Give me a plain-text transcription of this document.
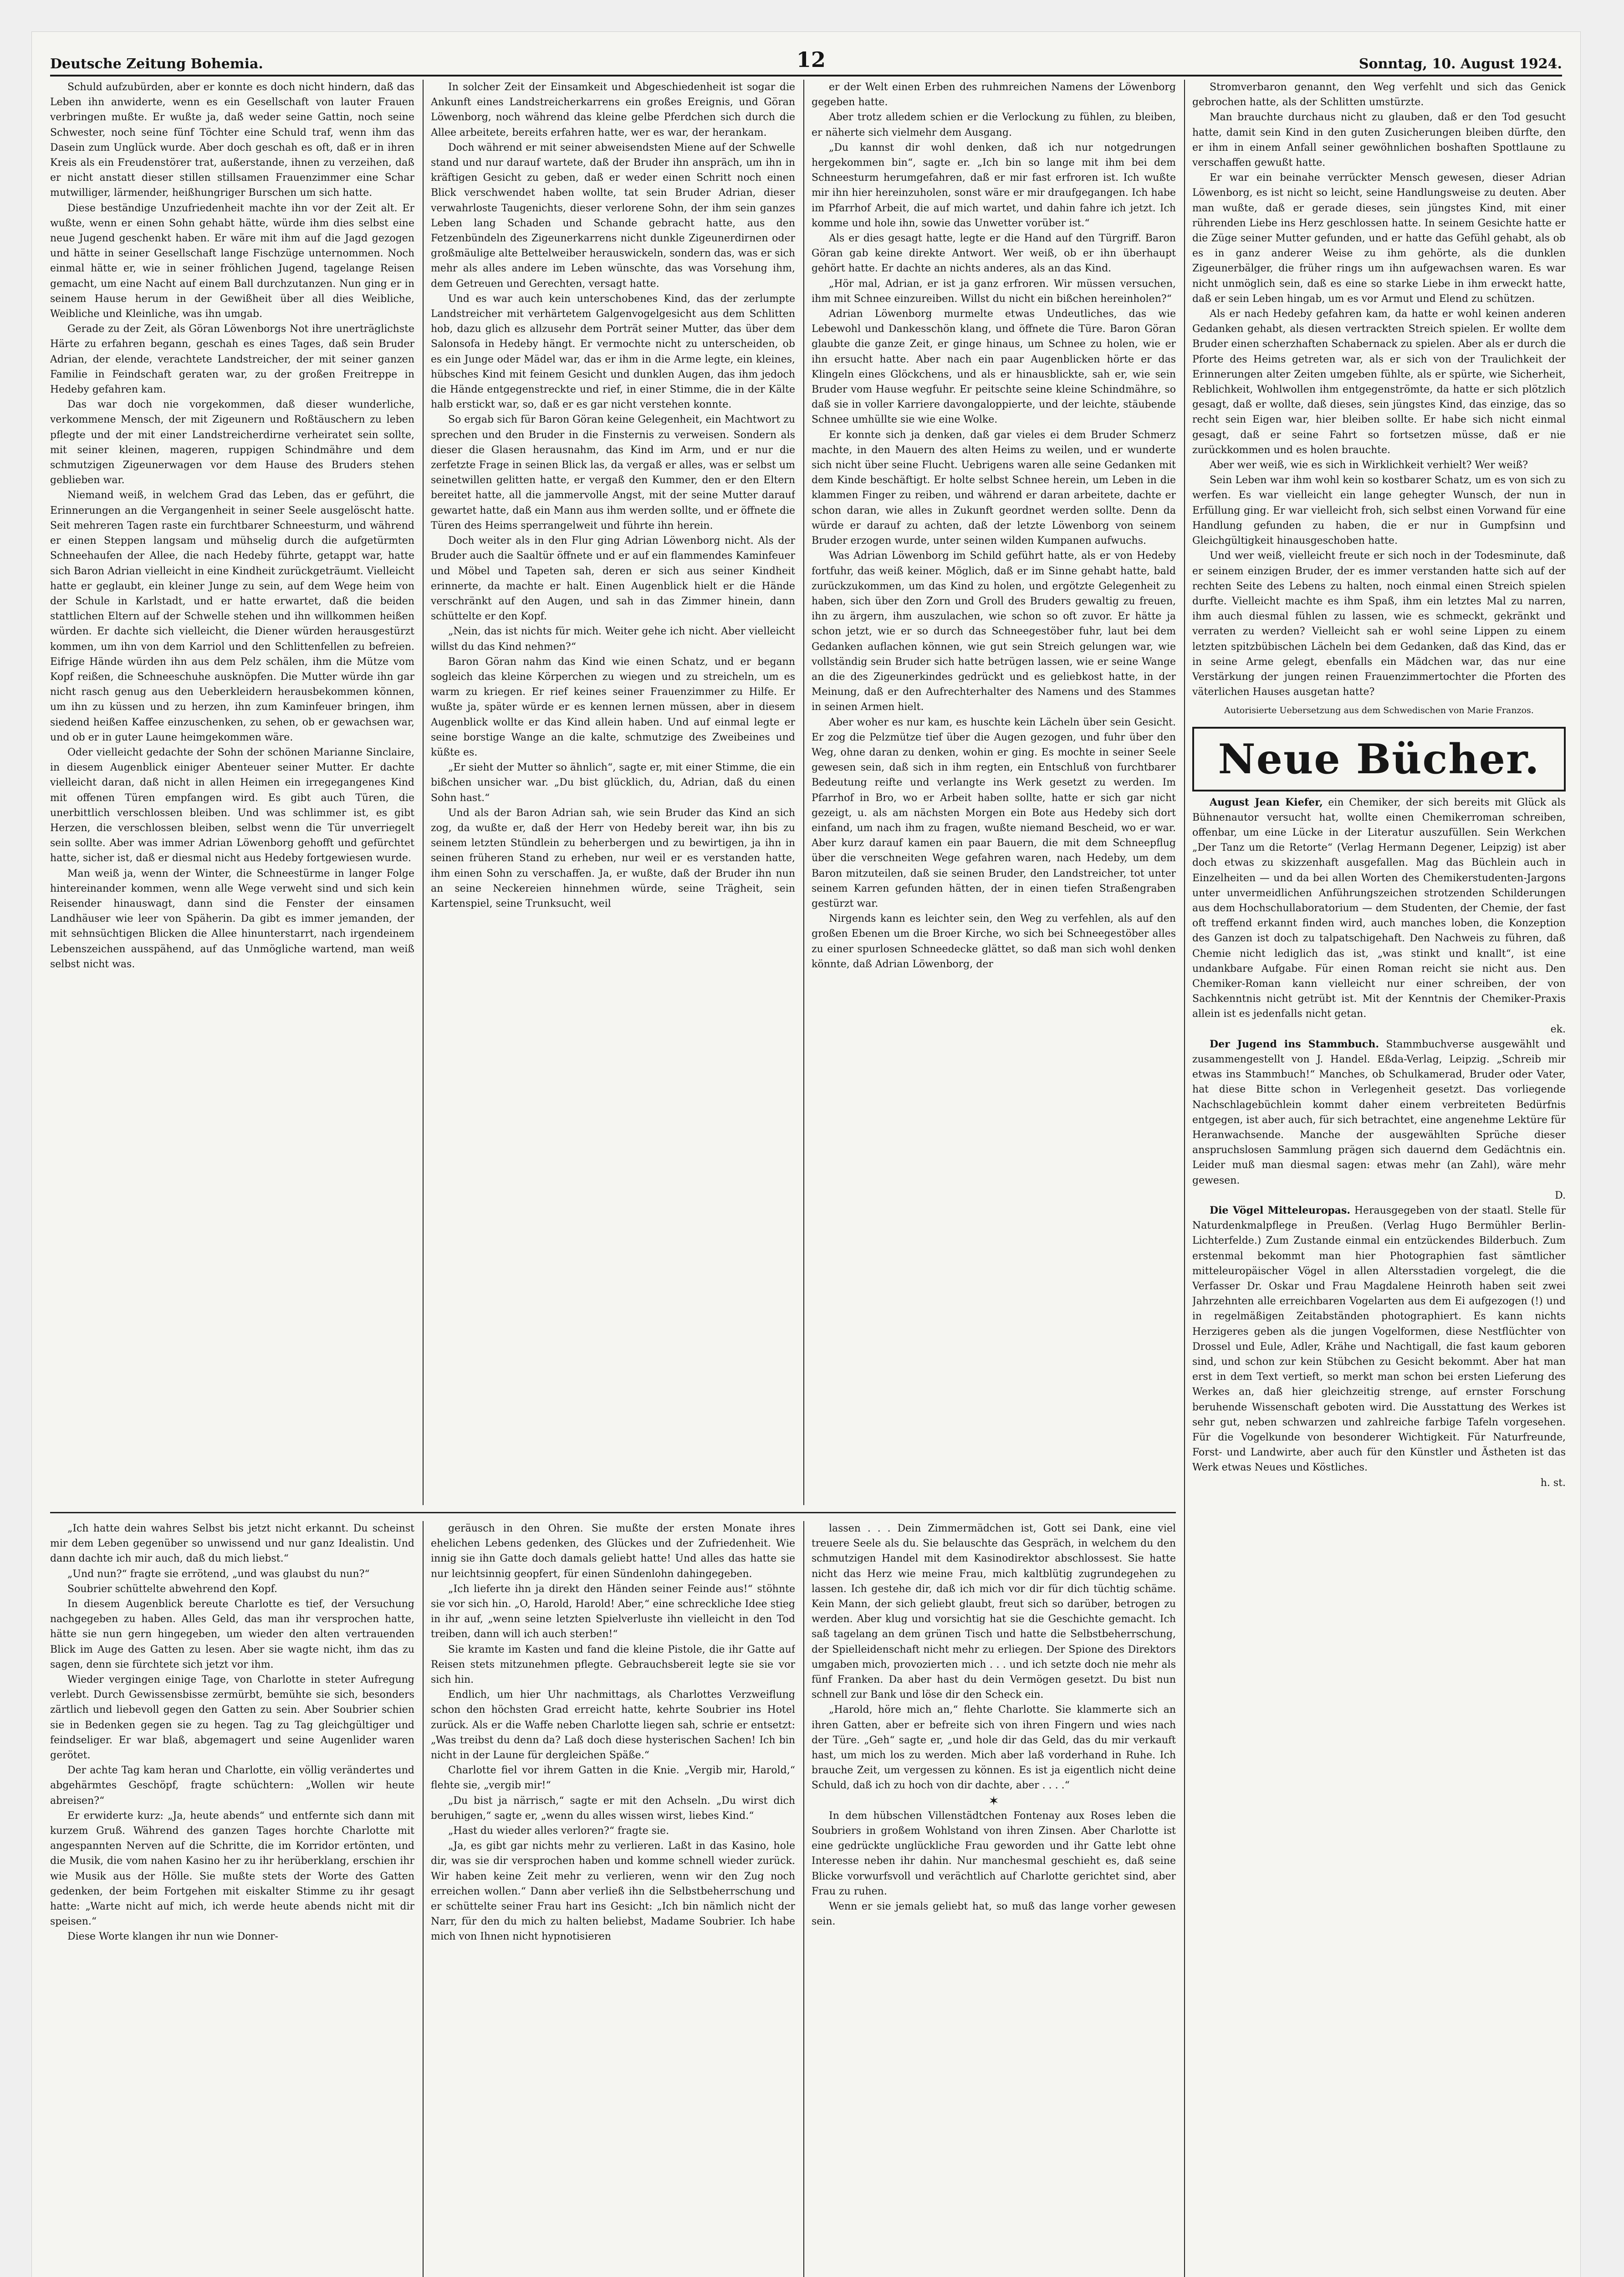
Deutsche Zeitung Bohemia.	12	Sonntag, 10. August 1924.

Schuld aufzubürden, aber er konnte es doch nicht hindern, daß das Leben ihn anwiderte, wenn es ein Gesellschaft von lauter Frauen verbringen mußte. Er wußte ja, daß weder seine Gattin, noch seine Schwester, noch seine fünf Töchter eine Schuld traf, wenn ihm das Dasein zum Unglück wurde. Aber doch geschah es oft, daß er in ihren Kreis als ein Freudenstörer trat, außerstande, ihnen zu verzeihen, daß er nicht anstatt dieser stillen stillsamen Frauenzimmer eine Schar mutwilliger, lärmender, heißhungriger Burschen um sich hatte.

Diese beständige Unzufriedenheit machte ihn vor der Zeit alt. Er wußte, wenn er einen Sohn gehabt hätte, würde ihm dies selbst eine neue Jugend geschenkt haben. Er wäre mit ihm auf die Jagd gezogen und hätte in seiner Gesellschaft lange Fischzüge unternommen. Noch einmal hätte er, wie in seiner fröhlichen Jugend, tagelange Reisen gemacht, um eine Nacht auf einem Ball durchzutanzen. Nun ging er in seinem Hause herum in der Gewißheit über all dies Weibliche, Weibliche und Kleinliche, was ihn umgab.

Gerade zu der Zeit, als Göran Löwenborgs Not ihre unerträglichste Härte zu erfahren begann, geschah es eines Tages, daß sein Bruder Adrian, der elende, verachtete Landstreicher, der mit seiner ganzen Familie in Feindschaft geraten war, zu der großen Freitreppe in Hedeby gefahren kam.

Das war doch nie vorgekommen, daß dieser wunderliche, verkommene Mensch, der mit Zigeunern und Roßtäuschern zu leben pflegte und der mit einer Landstreicherdirne verheiratet sein sollte, mit seiner kleinen, mageren, ruppigen Schindmähre und dem schmutzigen Zigeunerwagen vor dem Hause des Bruders stehen geblieben war.

Niemand weiß, in welchem Grad das Leben, das er geführt, die Erinnerungen an die Vergangenheit in seiner Seele ausgelöscht hatte. Seit mehreren Tagen raste ein furchtbarer Schneesturm, und während er einen Steppen langsam und mühselig durch die aufgetürmten Schneehaufen der Allee, die nach Hedeby führte, getappt war, hatte sich Baron Adrian vielleicht in eine Kindheit zurückgeträumt. Vielleicht hatte er geglaubt, ein kleiner Junge zu sein, auf dem Wege heim von der Schule in Karlstadt, und er hatte erwartet, daß die beiden stattlichen Eltern auf der Schwelle stehen und ihn willkommen heißen würden. Er dachte sich vielleicht, die Diener würden herausgestürzt kommen, um ihn von dem Karriol und den Schlittenfellen zu befreien. Eifrige Hände würden ihn aus dem Pelz schälen, ihm die Mütze vom Kopf reißen, die Schneeschuhe ausknöpfen. Die Mutter würde ihn gar nicht rasch genug aus den Ueberkleidern herausbekommen können, um ihn zu küssen und zu herzen, ihn zum Kaminfeuer bringen, ihm siedend heißen Kaffee einzuschenken, zu sehen, ob er gewachsen war, und ob er in guter Laune heimgekommen wäre.

Oder vielleicht gedachte der Sohn der schönen Marianne Sinclaire, in diesem Augenblick einiger Abenteuer seiner Mutter. Er dachte vielleicht daran, daß nicht in allen Heimen ein irregegangenes Kind mit offenen Türen empfangen wird. Es gibt auch Türen, die unerbittlich verschlossen bleiben. Und was schlimmer ist, es gibt Herzen, die verschlossen bleiben, selbst wenn die Tür unverriegelt sein sollte. Aber was immer Adrian Löwenborg gehofft und gefürchtet hatte, sicher ist, daß er diesmal nicht aus Hedeby fortgewiesen wurde.

Man weiß ja, wenn der Winter, die Schneestürme in langer Folge hintereinander kommen, wenn alle Wege verweht sind und sich kein Reisender hinauswagt, dann sind die Fenster der einsamen Landhäuser wie leer von Späherin. Da gibt es immer jemanden, der mit sehnsüchtigen Blicken die Allee hinunterstarrt, nach irgendeinem Lebenszeichen ausspähend, auf das Unmögliche wartend, man weiß selbst nicht was.

In solcher Zeit der Einsamkeit und Abgeschiedenheit ist sogar die Ankunft eines Landstreicherkarrens ein großes Ereignis, und Göran Löwenborg, noch während das kleine gelbe Pferdchen sich durch die Allee arbeitete, bereits erfahren hatte, wer es war, der herankam.

Doch während er mit seiner abweisendsten Miene auf der Schwelle stand und nur darauf wartete, daß der Bruder ihn anspräch, um ihn in kräftigen Gesicht zu geben, daß er weder einen Schritt noch einen Blick verschwendet haben wollte, tat sein Bruder Adrian, dieser verwahrloste Taugenichts, dieser verlorene Sohn, der ihm sein ganzes Leben lang Schaden und Schande gebracht hatte, aus den Fetzenbündeln des Zigeunerkarrens nicht dunkle Zigeunerdirnen oder großmäulige alte Bettelweiber herauswickeln, sondern das, was er sich mehr als alles andere im Leben wünschte, das was Vorsehung ihm, dem Getreuen und Gerechten, versagt hatte.

Und es war auch kein unterschobenes Kind, das der zerlumpte Landstreicher mit verhärtetem Galgenvogelgesicht aus dem Schlitten hob, dazu glich es allzusehr dem Porträt seiner Mutter, das über dem Salonsofa in Hedeby hängt. Er vermochte nicht zu unterscheiden, ob es ein Junge oder Mädel war, das er ihm in die Arme legte, ein kleines, hübsches Kind mit feinem Gesicht und dunklen Augen, das ihm jedoch die Hände entgegenstreckte und rief, in einer Stimme, die in der Kälte halb erstickt war, so, daß er es gar nicht verstehen konnte.

So ergab sich für Baron Göran keine Gelegenheit, ein Machtwort zu sprechen und den Bruder in die Finsternis zu verweisen. Sondern als dieser die Glasen herausnahm, das Kind im Arm, und er nur die zerfetzte Frage in seinen Blick las, da vergaß er alles, was er selbst um seinetwillen gelitten hatte, er vergaß den Kummer, den er den Eltern bereitet hatte, all die jammervolle Angst, mit der seine Mutter darauf gewartet hatte, daß ein Mann aus ihm werden sollte, und er öffnete die Türen des Heims sperrangelweit und führte ihn herein.

Doch weiter als in den Flur ging Adrian Löwenborg nicht. Als der Bruder auch die Saaltür öffnete und er auf ein flammendes Kaminfeuer und Möbel und Tapeten sah, deren er sich aus seiner Kindheit erinnerte, da machte er halt. Einen Augenblick hielt er die Hände verschränkt auf den Augen, und sah in das Zimmer hinein, dann schüttelte er den Kopf.

„Nein, das ist nichts für mich. Weiter gehe ich nicht. Aber vielleicht willst du das Kind nehmen?“

Baron Göran nahm das Kind wie einen Schatz, und er begann sogleich das kleine Körperchen zu wiegen und zu streicheln, um es warm zu kriegen. Er rief keines seiner Frauenzimmer zu Hilfe. Er wußte ja, später würde er es kennen lernen müssen, aber in diesem Augenblick wollte er das Kind allein haben. Und auf einmal legte er seine borstige Wange an die kalte, schmutzige des Zweibeines und küßte es.

„Er sieht der Mutter so ähnlich“, sagte er, mit einer Stimme, die ein bißchen unsicher war. „Du bist glücklich, du, Adrian, daß du einen Sohn hast.“

Und als der Baron Adrian sah, wie sein Bruder das Kind an sich zog, da wußte er, daß der Herr von Hedeby bereit war, ihn bis zu seinem letzten Stündlein zu beherbergen und zu bewirtigen, ja ihn in seinen früheren Stand zu erheben, nur weil er es verstanden hatte, ihm einen Sohn zu verschaffen. Ja, er wußte, daß der Bruder ihn nun an seine Neckereien hinnehmen würde, seine Trägheit, sein Kartenspiel, seine Trunksucht, weil

er der Welt einen Erben des ruhmreichen Namens der Löwenborg gegeben hatte.

Aber trotz alledem schien er die Verlockung zu fühlen, zu bleiben, er näherte sich vielmehr dem Ausgang.

„Du kannst dir wohl denken, daß ich nur notgedrungen hergekommen bin“, sagte er. „Ich bin so lange mit ihm bei dem Schneesturm herumgefahren, daß er mir fast erfroren ist. Ich wußte mir ihn hier hereinzuholen, sonst wäre er mir draufgegangen. Ich habe im Pfarrhof Arbeit, die auf mich wartet, und dahin fahre ich jetzt. Ich komme und hole ihn, sowie das Unwetter vorüber ist.“

Als er dies gesagt hatte, legte er die Hand auf den Türgriff. Baron Göran gab keine direkte Antwort. Wer weiß, ob er ihn überhaupt gehört hatte. Er dachte an nichts anderes, als an das Kind.

„Hör mal, Adrian, er ist ja ganz erfroren. Wir müssen versuchen, ihm mit Schnee einzureiben. Willst du nicht ein bißchen hereinholen?“

Adrian Löwenborg murmelte etwas Undeutliches, das wie Lebewohl und Dankesschön klang, und öffnete die Türe. Baron Göran glaubte die ganze Zeit, er ginge hinaus, um Schnee zu holen, wie er ihn ersucht hatte. Aber nach ein paar Augenblicken hörte er das Klingeln eines Glöckchens, und als er hinausblickte, sah er, wie sein Bruder vom Hause wegfuhr. Er peitschte seine kleine Schindmähre, so daß sie in voller Karriere davongaloppierte, und der leichte, stäubende Schnee umhüllte sie wie eine Wolke.

Er konnte sich ja denken, daß gar vieles ei dem Bruder Schmerz machte, in den Mauern des alten Heims zu weilen, und er wunderte sich nicht über seine Flucht. Uebrigens waren alle seine Gedanken mit dem Kinde beschäftigt. Er holte selbst Schnee herein, um Leben in die klammen Finger zu reiben, und während er daran arbeitete, dachte er schon daran, wie alles in Zukunft geordnet werden sollte. Denn da würde er darauf zu achten, daß der letzte Löwenborg von seinem Bruder erzogen wurde, unter seinen wilden Kumpanen aufwuchs.

Was Adrian Löwenborg im Schild geführt hatte, als er von Hedeby fortfuhr, das weiß keiner. Möglich, daß er im Sinne gehabt hatte, bald zurückzukommen, um das Kind zu holen, und ergötzte Gelegenheit zu haben, sich über den Zorn und Groll des Bruders gewaltig zu freuen, ihn zu ärgern, ihm auszulachen, wie schon so oft zuvor. Er hätte ja schon jetzt, wie er so durch das Schneegestöber fuhr, laut bei dem Gedanken auflachen können, wie gut sein Streich gelungen war, wie vollständig sein Bruder sich hatte betrügen lassen, wie er seine Wange an die des Zigeunerkindes gedrückt und es geliebkost hatte, in der Meinung, daß er den Aufrechterhalter des Namens und des Stammes in seinen Armen hielt.

Aber woher es nur kam, es huschte kein Lächeln über sein Gesicht. Er zog die Pelzmütze tief über die Augen gezogen, und fuhr über den Weg, ohne daran zu denken, wohin er ging. Es mochte in seiner Seele gewesen sein, daß sich in ihm regten, ein Entschluß von furchtbarer Bedeutung reifte und verlangte ins Werk gesetzt zu werden. Im Pfarrhof in Bro, wo er Arbeit haben sollte, hatte er sich gar nicht gezeigt, u. als am nächsten Morgen ein Bote aus Hedeby sich dort einfand, um nach ihm zu fragen, wußte niemand Bescheid, wo er war. Aber kurz darauf kamen ein paar Bauern, die mit dem Schneepflug über die verschneiten Wege gefahren waren, nach Hedeby, um dem Baron mitzuteilen, daß sie seinen Bruder, den Landstreicher, tot unter seinem Karren gefunden hätten, der in einen tiefen Straßengraben gestürzt war.

Nirgends kann es leichter sein, den Weg zu verfehlen, als auf den großen Ebenen um die Broer Kirche, wo sich bei Schneegestöber alles zu einer spurlosen Schneedecke glättet, so daß man sich wohl denken könnte, daß Adrian Löwenborg, der

Stromverbaron genannt, den Weg verfehlt und sich das Genick gebrochen hatte, als der Schlitten umstürzte.

Man brauchte durchaus nicht zu glauben, daß er den Tod gesucht hatte, damit sein Kind in den guten Zusicherungen bleiben dürfte, den er ihm in einem Anfall seiner gewöhnlichen boshaften Spottlaune zu verschaffen gewußt hatte.

Er war ein beinahe verrückter Mensch gewesen, dieser Adrian Löwenborg, es ist nicht so leicht, seine Handlungsweise zu deuten. Aber man wußte, daß er gerade dieses, sein jüngstes Kind, mit einer rührenden Liebe ins Herz geschlossen hatte. In seinem Gesichte hatte er die Züge seiner Mutter gefunden, und er hatte das Gefühl gehabt, als ob es in ganz anderer Weise zu ihm gehörte, als die dunklen Zigeunerbälger, die früher rings um ihn aufgewachsen waren. Es war nicht unmöglich sein, daß es eine so starke Liebe in ihm erweckt hatte, daß er sein Leben hingab, um es vor Armut und Elend zu schützen.

Als er nach Hedeby gefahren kam, da hatte er wohl keinen anderen Gedanken gehabt, als diesen vertrackten Streich spielen. Er wollte dem Bruder einen scherzhaften Schabernack zu spielen. Aber als er durch die Pforte des Heims getreten war, als er sich von der Traulichkeit der Erinnerungen alter Zeiten umgeben fühlte, als er spürte, wie Sicherheit, Reblichkeit, Wohlwollen ihm entgegenströmte, da hatte er sich plötzlich gesagt, daß er wollte, daß dieses, sein jüngstes Kind, das einzige, das so recht sein Eigen war, hier bleiben sollte. Er habe sich nicht einmal gesagt, daß er seine Fahrt so fortsetzen müsse, daß er nie zurückkommen und es holen brauchte.

Aber wer weiß, wie es sich in Wirklichkeit verhielt? Wer weiß?

Sein Leben war ihm wohl kein so kostbarer Schatz, um es von sich zu werfen. Es war vielleicht ein lange gehegter Wunsch, der nun in Erfüllung ging. Er war vielleicht froh, sich selbst einen Vorwand für eine Handlung gefunden zu haben, die er nur in Gumpfsinn und Gleichgültigkeit hinausgeschoben hatte.

Und wer weiß, vielleicht freute er sich noch in der Todesminute, daß er seinem einzigen Bruder, der es immer verstanden hatte sich auf der rechten Seite des Lebens zu halten, noch einmal einen Streich spielen durfte. Vielleicht machte es ihm Spaß, ihm ein letztes Mal zu narren, ihm auch diesmal fühlen zu lassen, wie es schmeckt, gekränkt und verraten zu werden? Vielleicht sah er wohl seine Lippen zu einem letzten spitzbübischen Lächeln bei dem Gedanken, daß das Kind, das er in seine Arme gelegt, ebenfalls ein Mädchen war, das nur eine Verstärkung der jungen reinen Frauenzimmertochter die Pforten des väterlichen Hauses ausgetan hatte?

Autorisierte Uebersetzung aus dem Schwedischen von Marie Franzos.

Neue Bücher.

August Jean Kiefer, ein Chemiker, der sich bereits mit Glück als Bühnenautor versucht hat, wollte einen Chemikerroman schreiben, offenbar, um eine Lücke in der Literatur auszufüllen. Sein Werkchen „Der Tanz um die Retorte“ (Verlag Hermann Degener, Leipzig) ist aber doch etwas zu skizzenhaft ausgefallen. Mag das Büchlein auch in Einzelheiten — und da bei allen Worten des Chemikerstudenten-Jargons unter unvermeidlichen Anführungszeichen strotzenden Schilderungen aus dem Hochschullaboratorium — dem Studenten, der Chemie, der fast oft treffend erkannt finden wird, auch manches loben, die Konzeption des Ganzen ist doch zu talpatschigehaft. Den Nachweis zu führen, daß Chemie nicht lediglich das ist, „was stinkt und knallt“, ist eine undankbare Aufgabe. Für einen Roman reicht sie nicht aus. Den Chemiker-Roman kann vielleicht nur einer schreiben, der von Sachkenntnis nicht getrübt ist. Mit der Kenntnis der Chemiker-Praxis allein ist es jedenfalls nicht getan.

ek.

Der Jugend ins Stammbuch. Stammbuchverse ausgewählt und zusammengestellt von J. Handel. Eßda-Verlag, Leipzig. „Schreib mir etwas ins Stammbuch!“ Manches, ob Schulkamerad, Bruder oder Vater, hat diese Bitte schon in Verlegenheit gesetzt. Das vorliegende Nachschlagebüchlein kommt daher einem verbreiteten Bedürfnis entgegen, ist aber auch, für sich betrachtet, eine angenehme Lektüre für Heranwachsende. Manche der ausgewählten Sprüche dieser anspruchslosen Sammlung prägen sich dauernd dem Gedächtnis ein. Leider muß man diesmal sagen: etwas mehr (an Zahl), wäre mehr gewesen.

D.

Die Vögel Mitteleuropas. Herausgegeben von der staatl. Stelle für Naturdenkmalpflege in Preußen. (Verlag Hugo Bermühler Berlin-Lichterfelde.) Zum Zustande einmal ein entzückendes Bilderbuch. Zum erstenmal bekommt man hier Photographien fast sämtlicher mitteleuropäischer Vögel in allen Altersstadien vorgelegt, die die Verfasser Dr. Oskar und Frau Magdalene Heinroth haben seit zwei Jahrzehnten alle erreichbaren Vogelarten aus dem Ei aufgezogen (!) und in regelmäßigen Zeitabständen photographiert. Es kann nichts Herzigeres geben als die jungen Vogelformen, diese Nestflüchter von Drossel und Eule, Adler, Krähe und Nachtigall, die fast kaum geboren sind, und schon zur kein Stübchen zu Gesicht bekommt. Aber hat man erst in dem Text vertieft, so merkt man schon bei ersten Lieferung des Werkes an, daß hier gleichzeitig strenge, auf ernster Forschung beruhende Wissenschaft geboten wird. Die Ausstattung des Werkes ist sehr gut, neben schwarzen und zahlreiche farbige Tafeln vorgesehen. Für die Vogelkunde von besonderer Wichtigkeit. Für Naturfreunde, Forst- und Landwirte, aber auch für den Künstler und Ästheten ist das Werk etwas Neues und Köstliches.

h. st.

„Ich hatte dein wahres Selbst bis jetzt nicht erkannt. Du scheinst mir dem Leben gegenüber so unwissend und nur ganz Idealistin. Und dann dachte ich mir auch, daß du mich liebst.“

„Und nun?“ fragte sie errötend, „und was glaubst du nun?“

Soubrier schüttelte abwehrend den Kopf.

In diesem Augenblick bereute Charlotte es tief, der Versuchung nachgegeben zu haben. Alles Geld, das man ihr versprochen hatte, hätte sie nun gern hingegeben, um wieder den alten vertrauenden Blick im Auge des Gatten zu lesen. Aber sie wagte nicht, ihm das zu sagen, denn sie fürchtete sich jetzt vor ihm.

Wieder vergingen einige Tage, von Charlotte in steter Aufregung verlebt. Durch Gewissensbisse zermürbt, bemühte sie sich, besonders zärtlich und liebevoll gegen den Gatten zu sein. Aber Soubrier schien sie in Bedenken gegen sie zu hegen. Tag zu Tag gleichgültiger und feindseliger. Er war blaß, abgemagert und seine Augenlider waren gerötet.

Der achte Tag kam heran und Charlotte, ein völlig verändertes und abgehärmtes Geschöpf, fragte schüchtern: „Wollen wir heute abreisen?“

Er erwiderte kurz: „Ja, heute abends“ und entfernte sich dann mit kurzem Gruß. Während des ganzen Tages horchte Charlotte mit angespannten Nerven auf die Schritte, die im Korridor ertönten, und die Musik, die vom nahen Kasino her zu ihr herüberklang, erschien ihr wie Musik aus der Hölle. Sie mußte stets der Worte des Gatten gedenken, der beim Fortgehen mit eiskalter Stimme zu ihr gesagt hatte: „Warte nicht auf mich, ich werde heute abends nicht mit dir speisen.“

Diese Worte klangen ihr nun wie Donner-

geräusch in den Ohren. Sie mußte der ersten Monate ihres ehelichen Lebens gedenken, des Glückes und der Zufriedenheit. Wie innig sie ihn Gatte doch damals geliebt hatte! Und alles das hatte sie nur leichtsinnig geopfert, für einen Sündenlohn dahingegeben.

„Ich lieferte ihn ja direkt den Händen seiner Feinde aus!“ stöhnte sie vor sich hin. „O, Harold, Harold! Aber,“ eine schreckliche Idee stieg in ihr auf, „wenn seine letzten Spielverluste ihn vielleicht in den Tod treiben, dann will ich auch sterben!“

Sie kramte im Kasten und fand die kleine Pistole, die ihr Gatte auf Reisen stets mitzunehmen pflegte. Gebrauchsbereit legte sie sie vor sich hin.

Endlich, um hier Uhr nachmittags, als Charlottes Verzweiflung schon den höchsten Grad erreicht hatte, kehrte Soubrier ins Hotel zurück. Als er die Waffe neben Charlotte liegen sah, schrie er entsetzt: „Was treibst du denn da? Laß doch diese hysterischen Sachen! Ich bin nicht in der Laune für dergleichen Späße.“

Charlotte fiel vor ihrem Gatten in die Knie. „Vergib mir, Harold,“ flehte sie, „vergib mir!“

„Du bist ja närrisch,“ sagte er mit den Achseln. „Du wirst dich beruhigen,“ sagte er, „wenn du alles wissen wirst, liebes Kind.“

„Hast du wieder alles verloren?“ fragte sie.

„Ja, es gibt gar nichts mehr zu verlieren. Laßt in das Kasino, hole dir, was sie dir versprochen haben und komme schnell wieder zurück. Wir haben keine Zeit mehr zu verlieren, wenn wir den Zug noch erreichen wollen.“ Dann aber verließ ihn die Selbstbeherrschung und er schüttelte seiner Frau hart ins Gesicht: „Ich bin nämlich nicht der Narr, für den du mich zu halten beliebst, Madame Soubrier. Ich habe mich von Ihnen nicht hypnotisieren

lassen . . . Dein Zimmermädchen ist, Gott sei Dank, eine viel treuere Seele als du. Sie belauschte das Gespräch, in welchem du den schmutzigen Handel mit dem Kasinodirektor abschlossest. Sie hatte nicht das Herz wie meine Frau, mich kaltblütig zugrundegehen zu lassen. Ich gestehe dir, daß ich mich vor dir für dich tüchtig schäme. Kein Mann, der sich geliebt glaubt, freut sich so darüber, betrogen zu werden. Aber klug und vorsichtig hat sie die Geschichte gemacht. Ich saß tagelang an dem grünen Tisch und hatte die Selbstbeherrschung, der Spielleidenschaft nicht mehr zu erliegen. Der Spione des Direktors umgaben mich, provozierten mich . . . und ich setzte doch nie mehr als fünf Franken. Da aber hast du dein Vermögen gesetzt. Du bist nun schnell zur Bank und löse dir den Scheck ein.

„Harold, höre mich an,“ flehte Charlotte. Sie klammerte sich an ihren Gatten, aber er befreite sich von ihren Fingern und wies nach der Türe. „Geh“ sagte er, „und hole dir das Geld, das du mir verkauft hast, um mich los zu werden. Mich aber laß vorderhand in Ruhe. Ich brauche Zeit, um vergessen zu können. Es ist ja eigentlich nicht deine Schuld, daß ich zu hoch von dir dachte, aber . . . .“

✶

In dem hübschen Villenstädtchen Fontenay aux Roses leben die Soubriers in großem Wohlstand von ihren Zinsen. Aber Charlotte ist eine gedrückte unglückliche Frau geworden und ihr Gatte lebt ohne Interesse neben ihr dahin. Nur manchesmal geschieht es, daß seine Blicke vorwurfsvoll und verächtlich auf Charlotte gerichtet sind, aber Frau zu ruhen.

Wenn er sie jemals geliebt hat, so muß das lange vorher gewesen sein.
